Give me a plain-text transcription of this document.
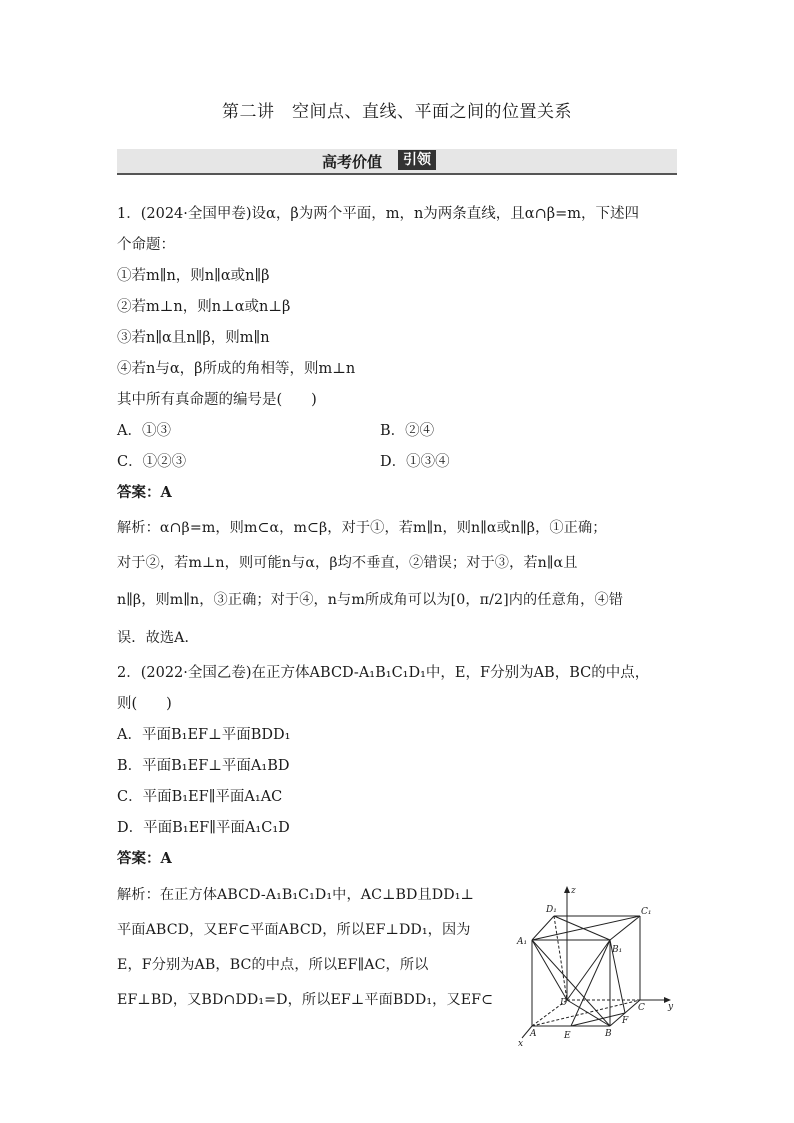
第二讲　空间点、直线、平面之间的位置关系
高考价值	引领
1．(2024·全国甲卷)设α，β为两个平面，m，n为两条直线，且α∩β=m，下述四
个命题：
①若m∥n，则n∥α或n∥β
②若m⊥n，则n⊥α或n⊥β
③若n∥α且n∥β，则m∥n
④若n与α，β所成的角相等，则m⊥n
其中所有真命题的编号是(　　)
A．①③	B．②④
C．①②③	D．①③④
答案：A
解析：α∩β=m，则m⊂α，m⊂β，对于①，若m∥n，则n∥α或n∥β，①正确；
对于②，若m⊥n，则可能n与α，β均不垂直，②错误；对于③，若n∥α且
n∥β，则m∥n，③正确；对于④，n与m所成角可以为[0，π/2]内的任意角，④错
误．故选A．
2．(2022·全国乙卷)在正方体ABCD-A₁B₁C₁D₁中，E，F分别为AB，BC的中点，
则(　　)
A．平面B₁EF⊥平面BDD₁
B．平面B₁EF⊥平面A₁BD
C．平面B₁EF∥平面A₁AC
D．平面B₁EF∥平面A₁C₁D
答案：A
解析：在正方体ABCD-A₁B₁C₁D₁中，AC⊥BD且DD₁⊥
平面ABCD，又EF⊂平面ABCD，所以EF⊥DD₁，因为
E，F分别为AB，BC的中点，所以EF∥AC，所以
EF⊥BD，又BD∩DD₁=D，所以EF⊥平面BDD₁，又EF⊂
z
y
x
A	B
C
D
E
F
A₁
B₁
C₁
D₁
